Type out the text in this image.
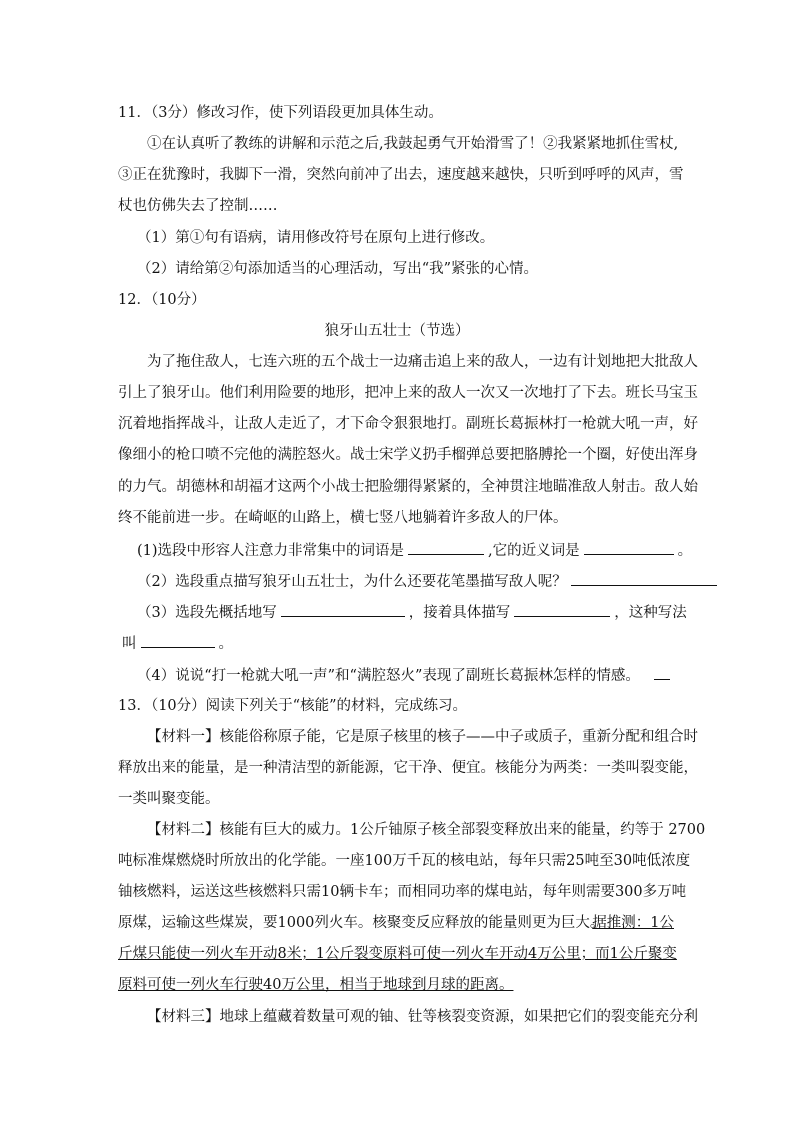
11．（3分）修改习作，使下列语段更加具体生动。
①在认真听了教练的讲解和示范之后,我鼓起勇气开始滑雪了！②我紧紧地抓住雪杖,
③正在犹豫时，我脚下一滑，突然向前冲了出去，速度越来越快，只听到呼呼的风声，雪
杖也仿佛失去了控制……
（1）第①句有语病，请用修改符号在原句上进行修改。
（2）请给第②句添加适当的心理活动，写出“我”紧张的心情。
12．（10分）
狼牙山五壮士（节选）
为了拖住敌人，七连六班的五个战士一边痛击追上来的敌人，一边有计划地把大批敌人
引上了狼牙山。他们利用险要的地形，把冲上来的敌人一次又一次地打了下去。班长马宝玉
沉着地指挥战斗，让敌人走近了，才下命令狠狠地打。副班长葛振林打一枪就大吼一声，好
像细小的枪口喷不完他的满腔怒火。战士宋学义扔手榴弹总要把胳膊抡一个圈，好使出浑身
的力气。胡德林和胡福才这两个小战士把脸绷得紧紧的，全神贯注地瞄准敌人射击。敌人始
终不能前进一步。在崎岖的山路上，横七竖八地躺着许多敌人的尸体。
(1)选段中形容人注意力非常集中的词语是	,它的近义词是	。
（2）选段重点描写狼牙山五壮士，为什么还要花笔墨描写敌人呢？
（3）选段先概括地写	，接着具体描写	，这种写法
叫	。
（4）说说“打一枪就大吼一声”和“满腔怒火”表现了副班长葛振林怎样的情感。
13．（10分）阅读下列关于“核能”的材料，完成练习。
【材料一】核能俗称原子能，它是原子核里的核子——中子或质子，重新分配和组合时
释放出来的能量，是一种清洁型的新能源，它干净、便宜。核能分为两类：一类叫裂变能，
一类叫聚变能。
【材料二】核能有巨大的威力。1公斤铀原子核全部裂变释放出来的能量，约等于 2700
吨标准煤燃烧时所放出的化学能。一座100万千瓦的核电站，每年只需25吨至30吨低浓度
铀核燃料，运送这些核燃料只需10辆卡车；而相同功率的煤电站，每年则需要300多万吨
原煤，运输这些煤炭，要1000列火车。核聚变反应释放的能量则更为巨大。
据推测：1公
斤煤只能使一列火车开动8米；1公斤裂变原料可使一列火车开动4万公里；而1公斤聚变
原料可使一列火车行驶40万公里，相当于地球到月球的距离。
【材料三】地球上蕴藏着数量可观的铀、钍等核裂变资源，如果把它们的裂变能充分利
